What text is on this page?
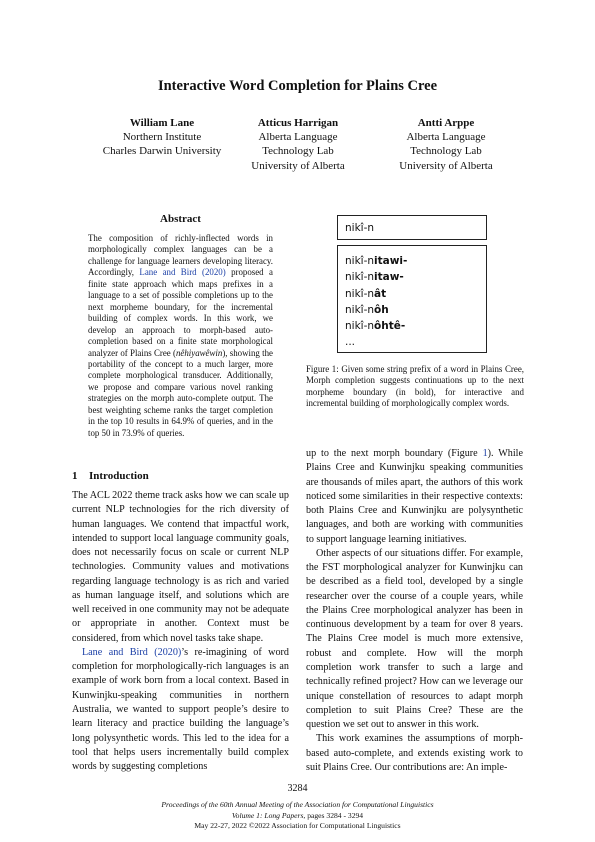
Interactive Word Completion for Plains Cree
William Lane
Northern Institute
Charles Darwin University
Atticus Harrigan
Alberta Language
Technology Lab
University of Alberta
Antti Arppe
Alberta Language
Technology Lab
University of Alberta
Abstract
The composition of richly-inflected words in morphologically complex languages can be a challenge for language learners developing literacy. Accordingly, Lane and Bird (2020) proposed a finite state approach which maps prefixes in a language to a set of possible completions up to the next morpheme boundary, for the incremental building of complex words. In this work, we develop an approach to morph-based auto-completion based on a finite state morphological analyzer of Plains Cree (nêhiyawêwin), showing the portability of the concept to a much larger, more complete morphological transducer. Additionally, we propose and compare various novel ranking strategies on the morph auto-complete output. The best weighting scheme ranks the target completion in the top 10 results in 64.9% of queries, and in the top 50 in 73.9% of queries.
1 Introduction

The ACL 2022 theme track asks how we can scale up current NLP technologies for the rich diversity of human languages. We contend that impactful work, intended to support local language community goals, does not necessarily focus on scale or current NLP technologies. Community values and motivations regarding language technology is as rich and varied as human language itself, and solutions which are well received in one community may not be adequate or appropriate in another. Context must be considered, from which novel tasks take shape.

Lane and Bird (2020)’s re-imagining of word completion for morphologically-rich languages is an example of work born from a local context. Based in Kunwinjku-speaking communities in northern Australia, we wanted to support people’s desire to learn literacy and practice building the language’s long polysynthetic words. This led to the idea for a tool that helps users incrementally build complex words by suggesting completions

nikî-n
nikî-nitawi-
nikî-nitaw-
nikî-nât
nikî-nôh
nikî-nôhtê-
...
Figure 1: Given some string prefix of a word in Plains Cree, Morph completion suggests continuations up to the next morpheme boundary (in bold), for interactive and incremental building of morphologically complex words.

up to the next morph boundary (Figure 1). While Plains Cree and Kunwinjku speaking communities are thousands of miles apart, the authors of this work noticed some similarities in their respective contexts: both Plains Cree and Kunwinjku are polysynthetic languages, and both are working with communities to support language learning initiatives.

Other aspects of our situations differ. For example, the FST morphological analyzer for Kunwinjku can be described as a field tool, developed by a single researcher over the course of a couple years, while the Plains Cree morphological analyzer has been in continuous development by a team for over 8 years. The Plains Cree model is much more extensive, robust and complete. How will the morph completion work transfer to such a large and technically refined project? How can we leverage our unique constellation of resources to adapt morph completion to suit Plains Cree? These are the question we set out to answer in this work.

This work examines the assumptions of morph-based auto-complete, and extends existing work to suit Plains Cree. Our contributions are: An imple-

3284
Proceedings of the 60th Annual Meeting of the Association for Computational Linguistics
Volume 1: Long Papers, pages 3284 - 3294
May 22-27, 2022 ©2022 Association for Computational Linguistics
